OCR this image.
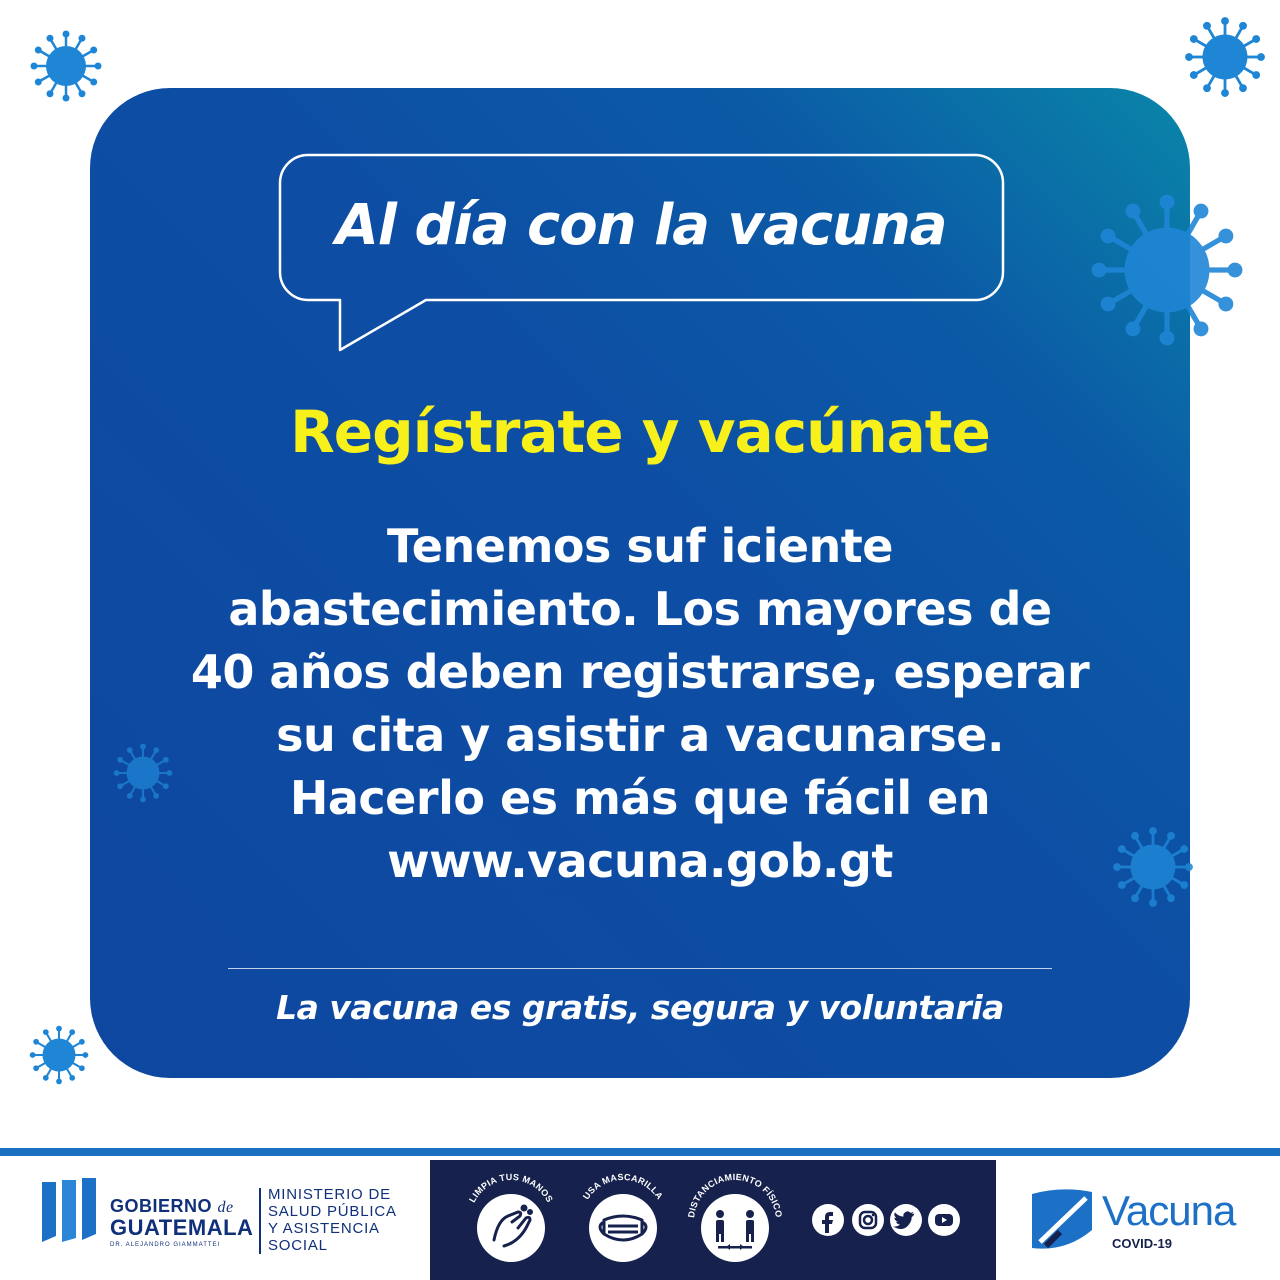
Al día con la vacuna
Regístrate y vacúnate
Tenemos suf iciente
abastecimiento. Los mayores de
40 años deben registrarse, esperar
su cita y asistir a vacunarse.
Hacerlo es más que fácil en
www.vacuna.gob.gt
La vacuna es gratis, segura y voluntaria
GOBIERNO de
GUATEMALA
DR. ALEJANDRO GIAMMATTEI
MINISTERIO DE
SALUD PÚBLICA
Y ASISTENCIA
SOCIAL
LIMPIA TUS MANOS	USA MASCARILLA
DISTANCIAMIENTO FÍSICO	Vacuna
COVID-19
